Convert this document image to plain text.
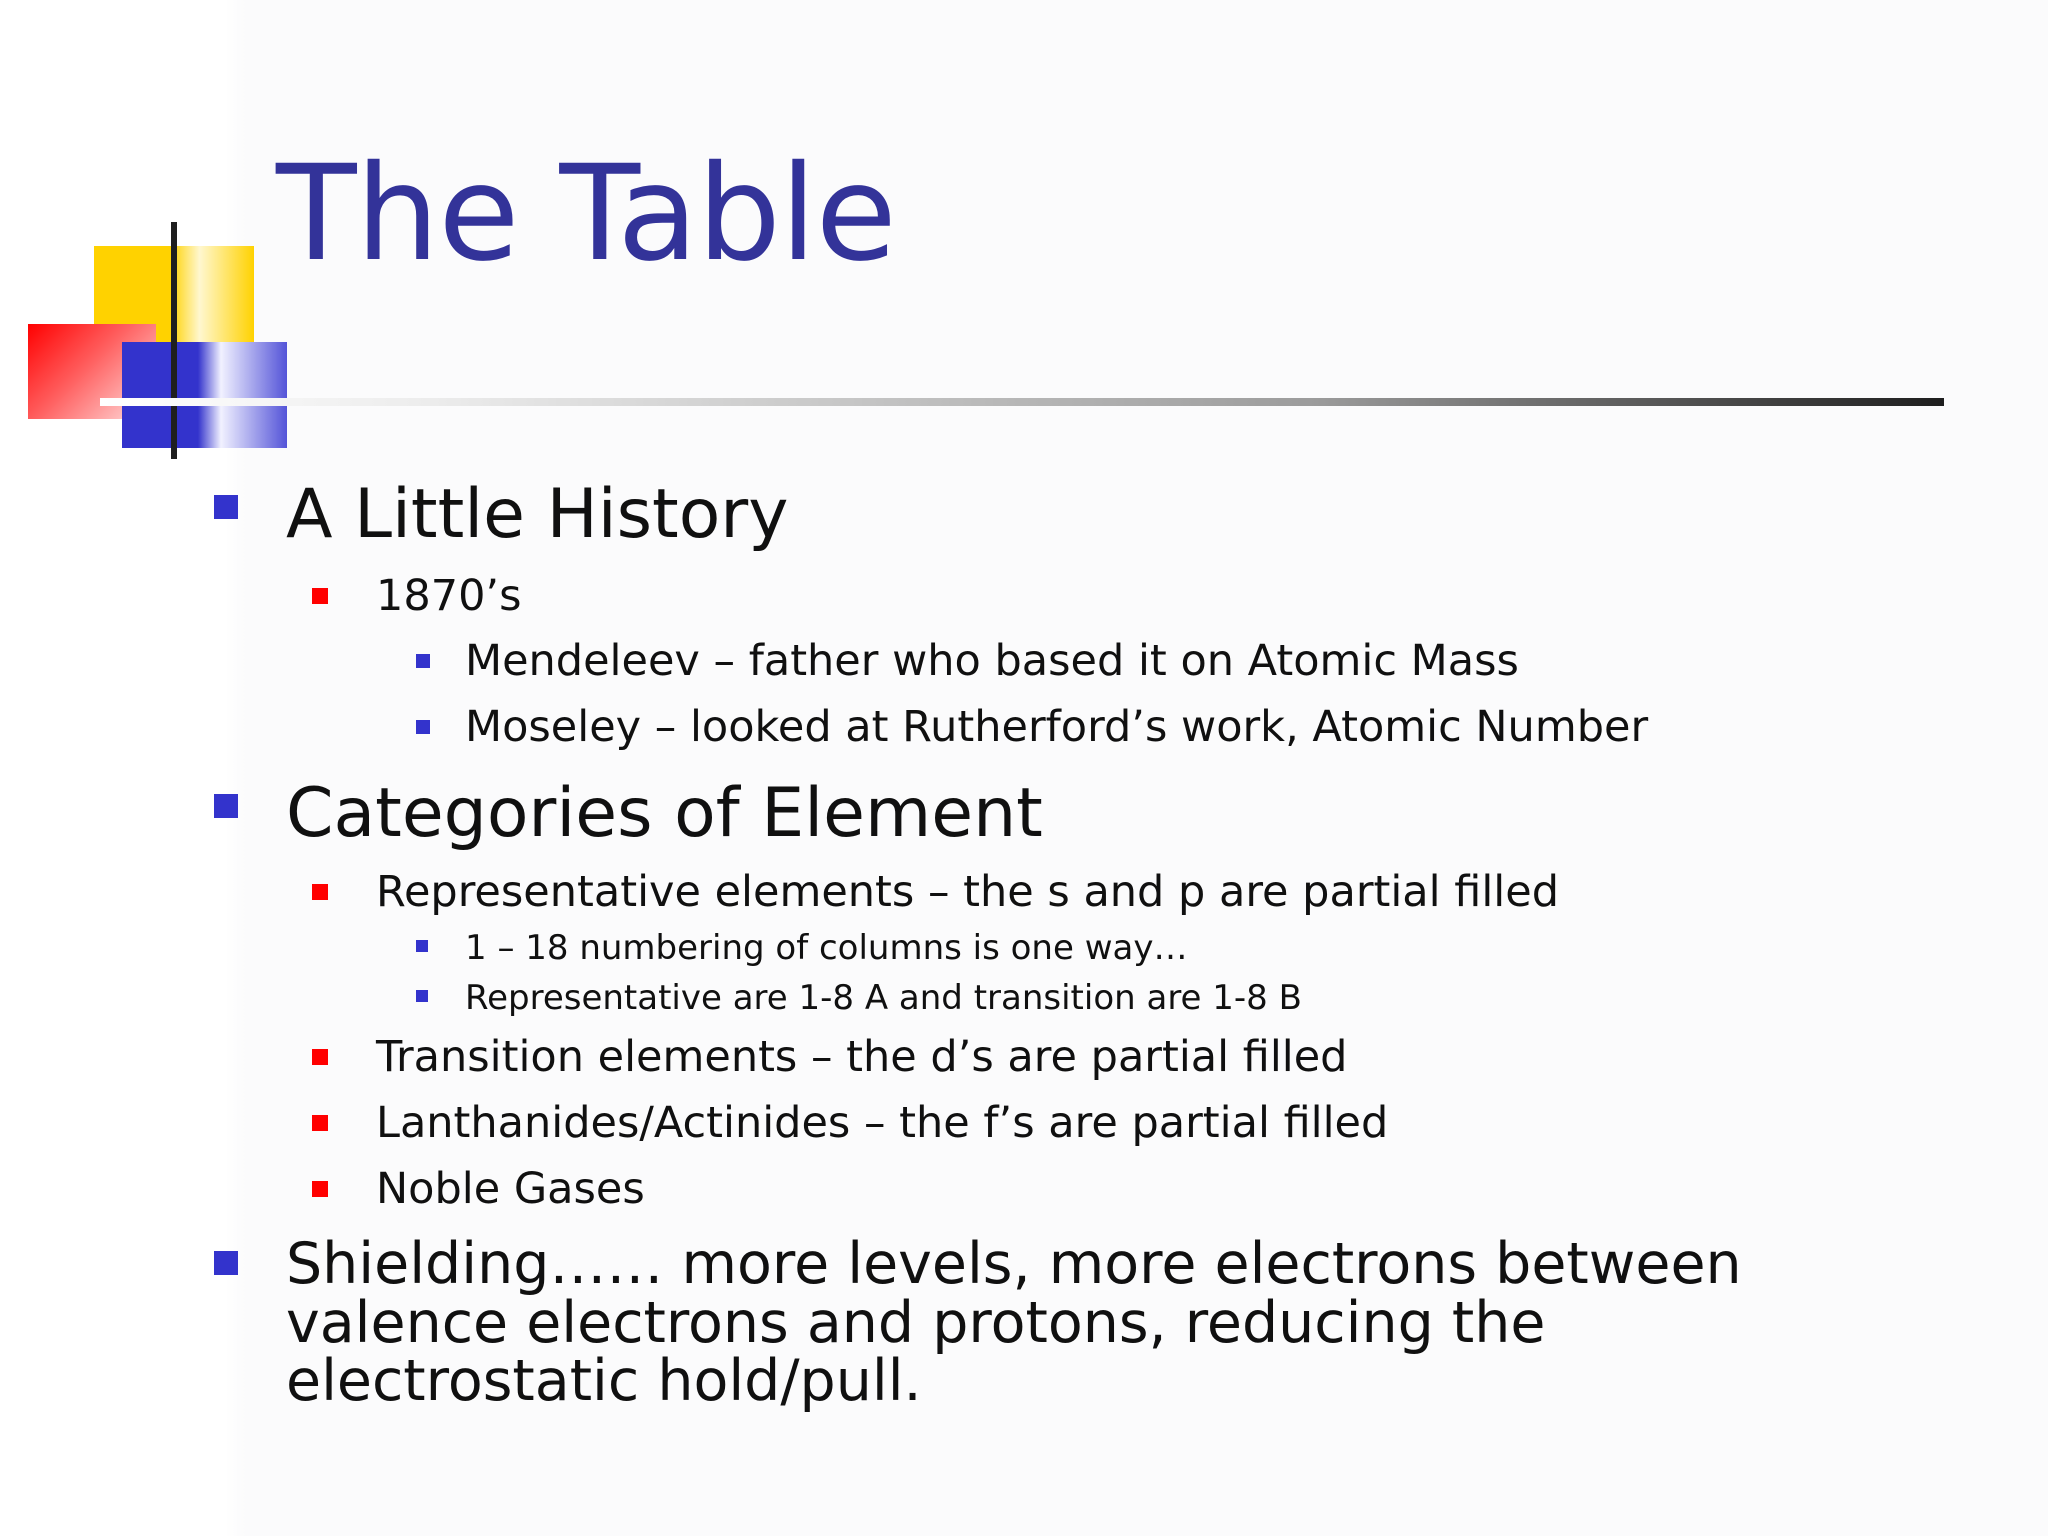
The Table
A Little History
1870’s
Mendeleev – father who based it on Atomic Mass
Moseley – looked at Rutherford’s work, Atomic Number
Categories of Element
Representative elements – the s and p are partial filled
1 – 18 numbering of columns is one way…
Representative are 1-8 A and transition are 1-8 B
Transition elements – the d’s are partial filled
Lanthanides/Actinides – the f’s are partial filled
Noble Gases
Shielding…… more levels, more electrons between valence electrons and protons, reducing the electrostatic hold/pull.
